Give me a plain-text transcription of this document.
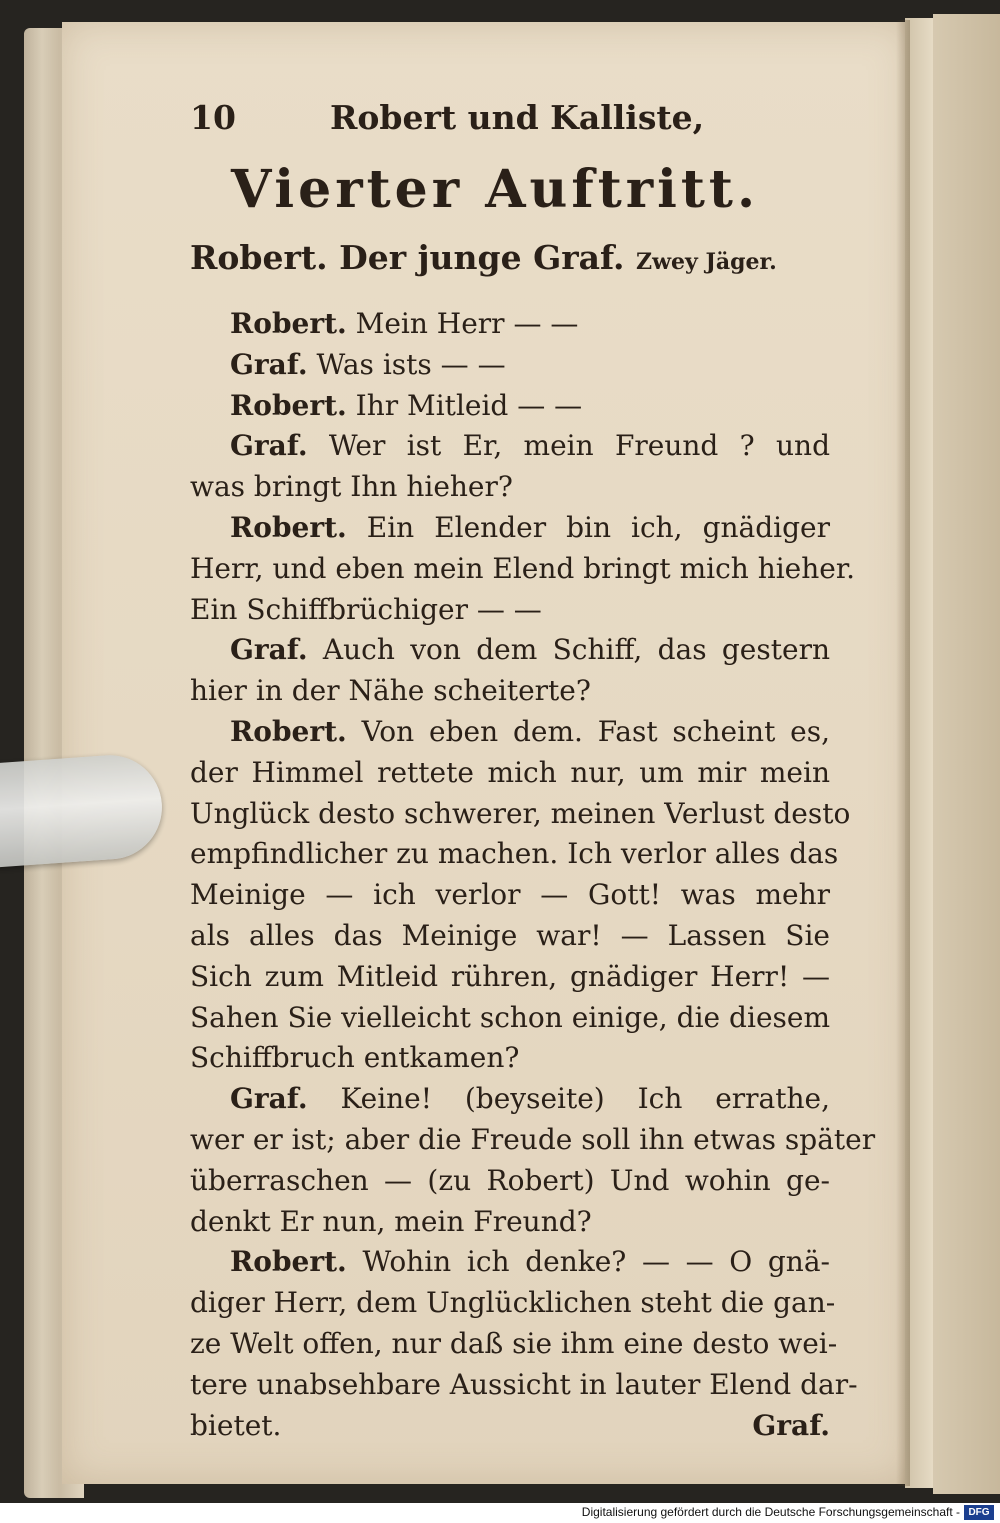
10	Robert und Kalliste,
Vierter Auftritt.
Robert. Der junge Graf. Zwey Jäger.
Robert. Mein Herr — —
Graf. Was ists — —
Robert. Ihr Mitleid — —
Graf. Wer ist Er, mein Freund ? und
was bringt Ihn hieher?
Robert. Ein Elender bin ich, gnädiger
Herr, und eben mein Elend bringt mich hieher.
Ein Schiffbrüchiger — —
Graf. Auch von dem Schiff, das gestern
hier in der Nähe scheiterte?
Robert. Von eben dem. Fast scheint es,
der Himmel rettete mich nur, um mir mein
Unglück desto schwerer, meinen Verlust desto
empfindlicher zu machen. Ich verlor alles das
Meinige — ich verlor — Gott! was mehr
als alles das Meinige war! — Lassen Sie
Sich zum Mitleid rühren, gnädiger Herr! —
Sahen Sie vielleicht schon einige, die diesem
Schiffbruch entkamen?
Graf. Keine! (beyseite) Ich errathe,
wer er ist; aber die Freude soll ihn etwas später
überraschen — (zu Robert) Und wohin ge-
denkt Er nun, mein Freund?
Robert. Wohin ich denke? — — O gnä-
diger Herr, dem Unglücklichen steht die gan-
ze Welt offen, nur daß sie ihm eine desto wei-
tere unabsehbare Aussicht in lauter Elend dar-
bietet.	Graf.
Digitalisierung gefördert durch die Deutsche Forschungsgemeinschaft - DFG
